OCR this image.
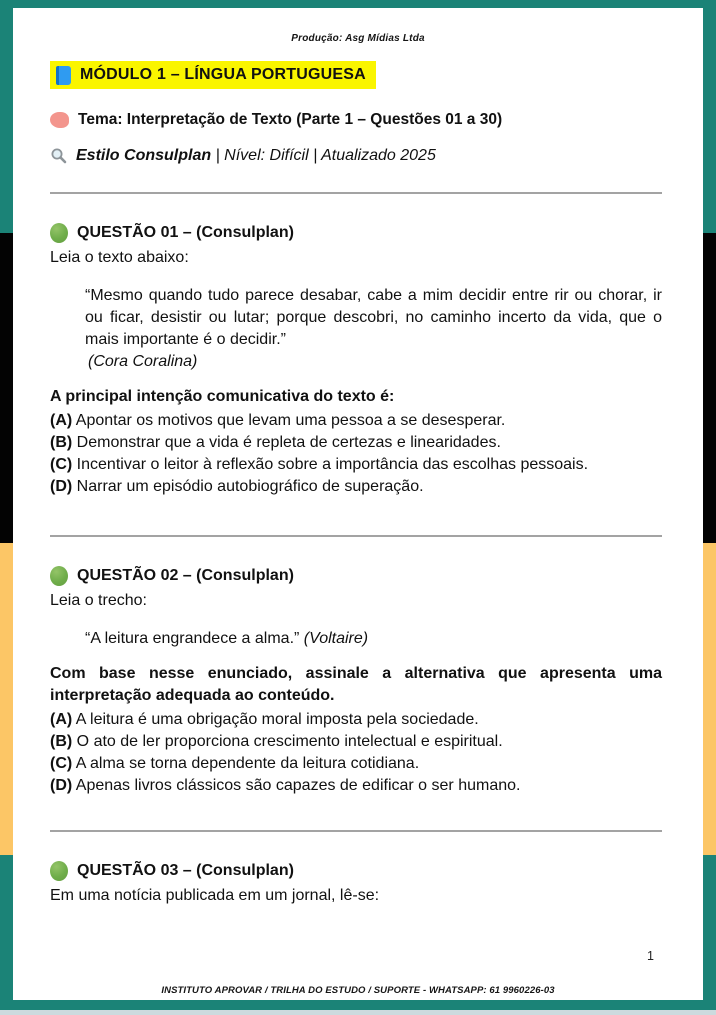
Produção: Asg Mídias Ltda
MÓDULO 1 – LÍNGUA PORTUGUESA
Tema: Interpretação de Texto (Parte 1 – Questões 01 a 30)
Estilo Consulplan | Nível: Difícil | Atualizado 2025
QUESTÃO 01 – (Consulplan)

Leia o texto abaixo:

“Mesmo quando tudo parece desabar, cabe a mim decidir entre rir ou chorar, ir ou ficar, desistir ou lutar; porque descobri, no caminho incerto da vida, que o mais importante é o decidir.”

(Cora Coralina)

A principal intenção comunicativa do texto é:

(A) Apontar os motivos que levam uma pessoa a se desesperar.

(B) Demonstrar que a vida é repleta de certezas e linearidades.

(C) Incentivar o leitor à reflexão sobre a importância das escolhas pessoais.

(D) Narrar um episódio autobiográfico de superação.

QUESTÃO 02 – (Consulplan)

Leia o trecho:

“A leitura engrandece a alma.” (Voltaire)

Com base nesse enunciado, assinale a alternativa que apresenta uma interpretação adequada ao conteúdo.

(A) A leitura é uma obrigação moral imposta pela sociedade.

(B) O ato de ler proporciona crescimento intelectual e espiritual.

(C) A alma se torna dependente da leitura cotidiana.

(D) Apenas livros clássicos são capazes de edificar o ser humano.

QUESTÃO 03 – (Consulplan)

Em uma notícia publicada em um jornal, lê-se:

1
INSTITUTO APROVAR / TRILHA DO ESTUDO / SUPORTE - WHATSAPP: 61 9960226-03
